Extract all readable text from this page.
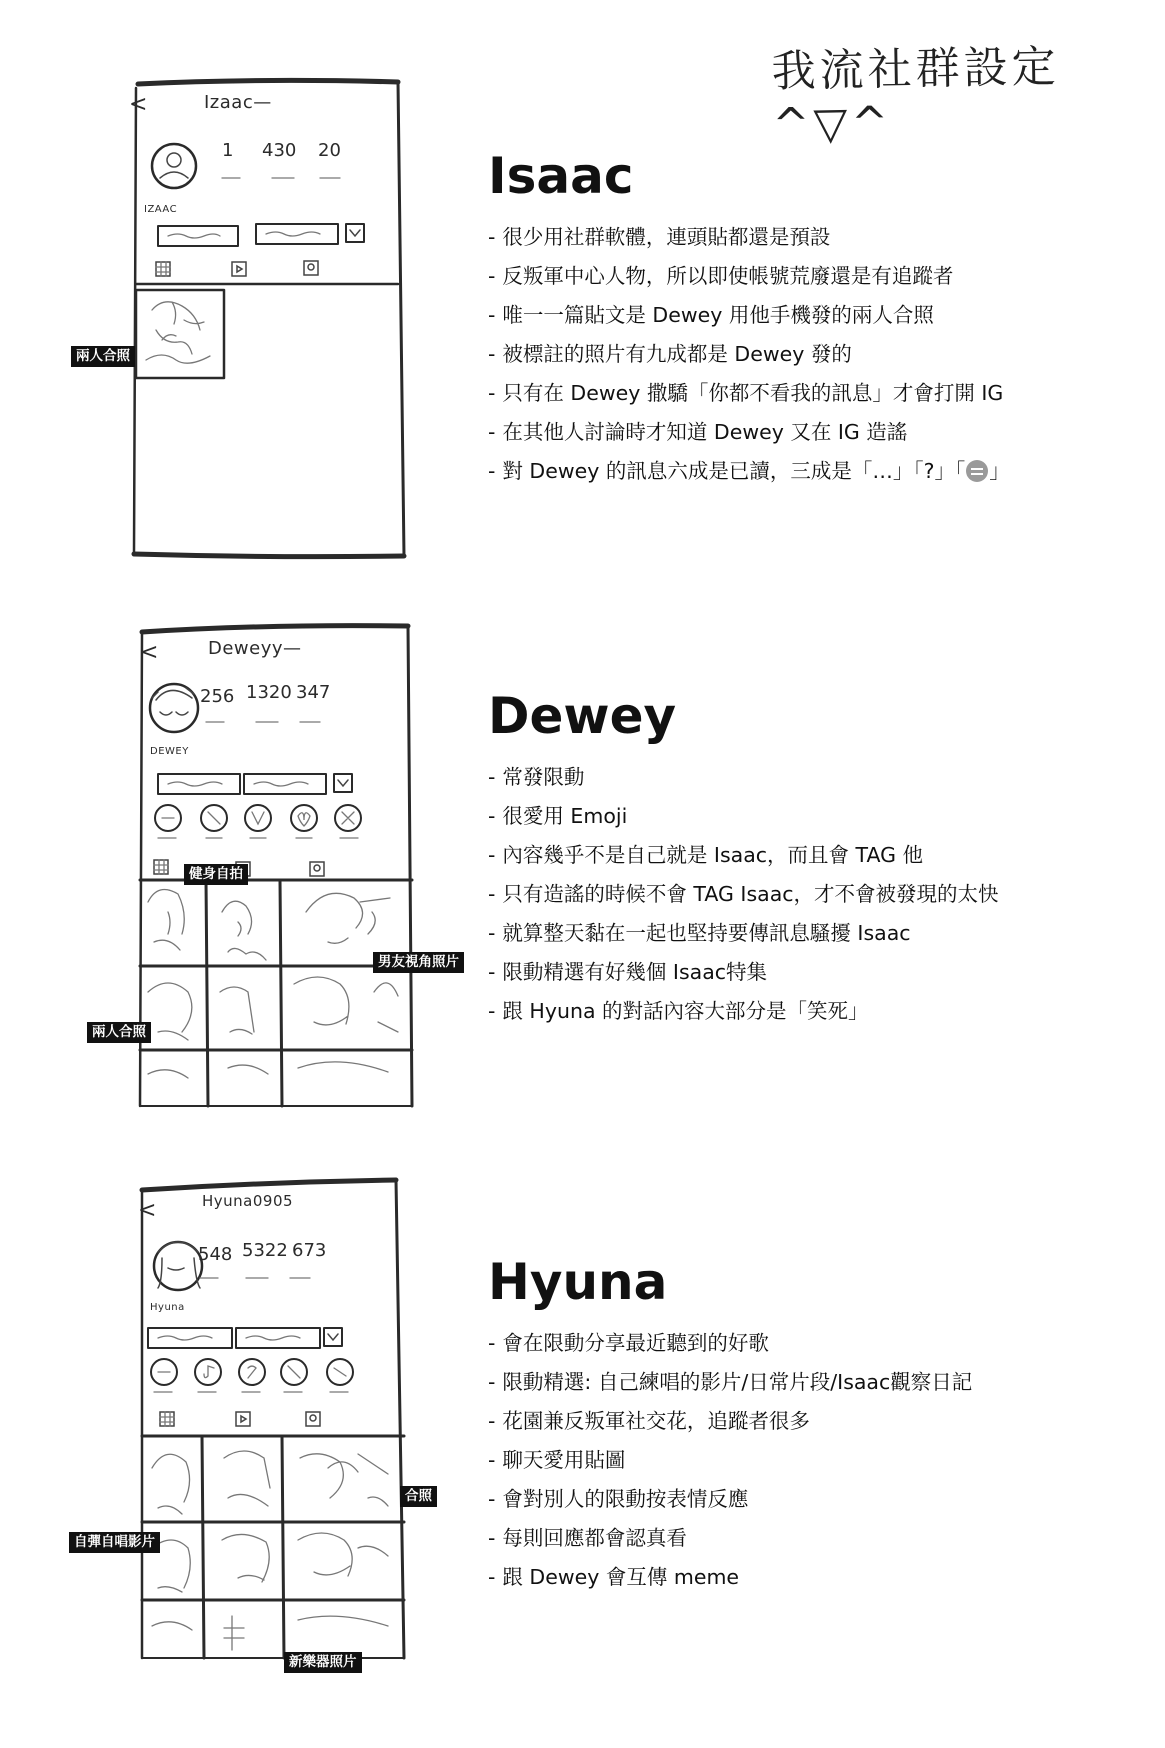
我流社群設定 ^▽^
<	Izaac—
1 430 20
IZAAC
兩人合照
<	Deweyy—
256 1320 347
DEWEY
健身自拍
男友視角照片
兩人合照
<	Hyuna0905
548 5322 673
Hyuna
合照
自彈自唱影片
新樂器照片
Isaac
- 很少用社群軟體，連頭貼都還是預設
- 反叛軍中心人物，所以即使帳號荒廢還是有追蹤者
- 唯一一篇貼文是 Dewey 用他手機發的兩人合照
- 被標註的照片有九成都是 Dewey 發的
- 只有在 Dewey 撒驕「你都不看我的訊息」才會打開 IG
- 在其他人討論時才知道 Dewey 又在 IG 造謠
- 對 Dewey 的訊息六成是已讀，三成是「…」「?」「 」
Dewey
- 常發限動
- 很愛用 Emoji
- 內容幾乎不是自己就是 Isaac，而且會 TAG 他
- 只有造謠的時候不會 TAG Isaac，才不會被發現的太快
- 就算整天黏在一起也堅持要傳訊息騷擾 Isaac
- 限動精選有好幾個 Isaac特集
- 跟 Hyuna 的對話內容大部分是「笑死」
Hyuna
- 會在限動分享最近聽到的好歌
- 限動精選: 自己練唱的影片/日常片段/Isaac觀察日記
- 花園兼反叛軍社交花，追蹤者很多
- 聊天愛用貼圖
- 會對別人的限動按表情反應
- 每則回應都會認真看
- 跟 Dewey 會互傳 meme
